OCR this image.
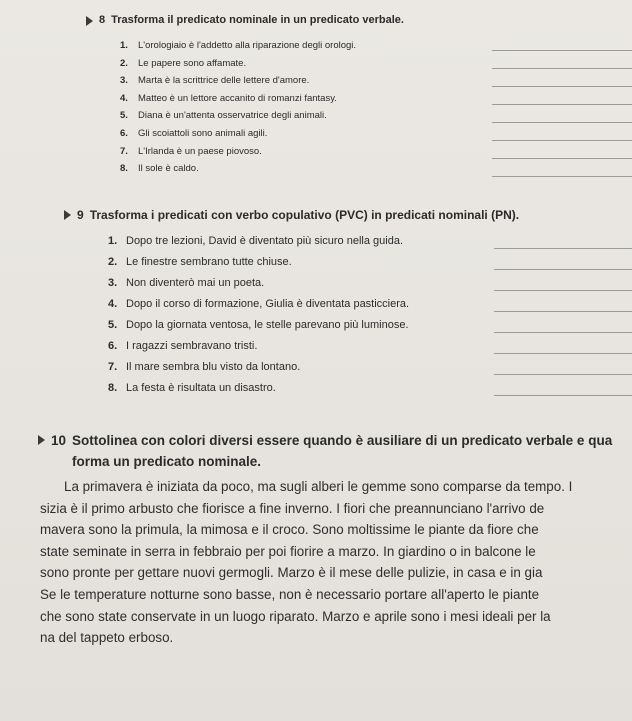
8 Trasforma il predicato nominale in un predicato verbale.
1.	L'orologiaio è l'addetto alla riparazione degli orologi.
2.	Le papere sono affamate.
3.	Marta è la scrittrice delle lettere d'amore.
4.	Matteo è un lettore accanito di romanzi fantasy.
5.	Diana è un'attenta osservatrice degli animali.
6.	Gli scoiattoli sono animali agili.
7.	L'Irlanda è un paese piovoso.
8.	Il sole è caldo.
9 Trasforma i predicati con verbo copulativo (PVC) in predicati nominali (PN).
1. Dopo tre lezioni, David è diventato più sicuro nella guida.
2. Le finestre sembrano tutte chiuse.
3. Non diventerò mai un poeta.
4. Dopo il corso di formazione, Giulia è diventata pasticciera.
5. Dopo la giornata ventosa, le stelle parevano più luminose.
6. I ragazzi sembravano tristi.
7. Il mare sembra blu visto da lontano.
8. La festa è risultata un disastro.
10 Sottolinea con colori diversi essere quando è ausiliare di un predicato verbale e qua
forma un predicato nominale.
La primavera è iniziata da poco, ma sugli alberi le gemme sono comparse da tempo. I
sizia è il primo arbusto che fiorisce a fine inverno. I fiori che preannunciano l'arrivo de
mavera sono la primula, la mimosa e il croco. Sono moltissime le piante da fiore che
state seminate in serra in febbraio per poi fiorire a marzo. In giardino o in balcone le
sono pronte per gettare nuovi germogli. Marzo è il mese delle pulizie, in casa e in gia
Se le temperature notturne sono basse, non è necessario portare all'aperto le piante
che sono state conservate in un luogo riparato. Marzo e aprile sono i mesi ideali per la
na del tappeto erboso.
